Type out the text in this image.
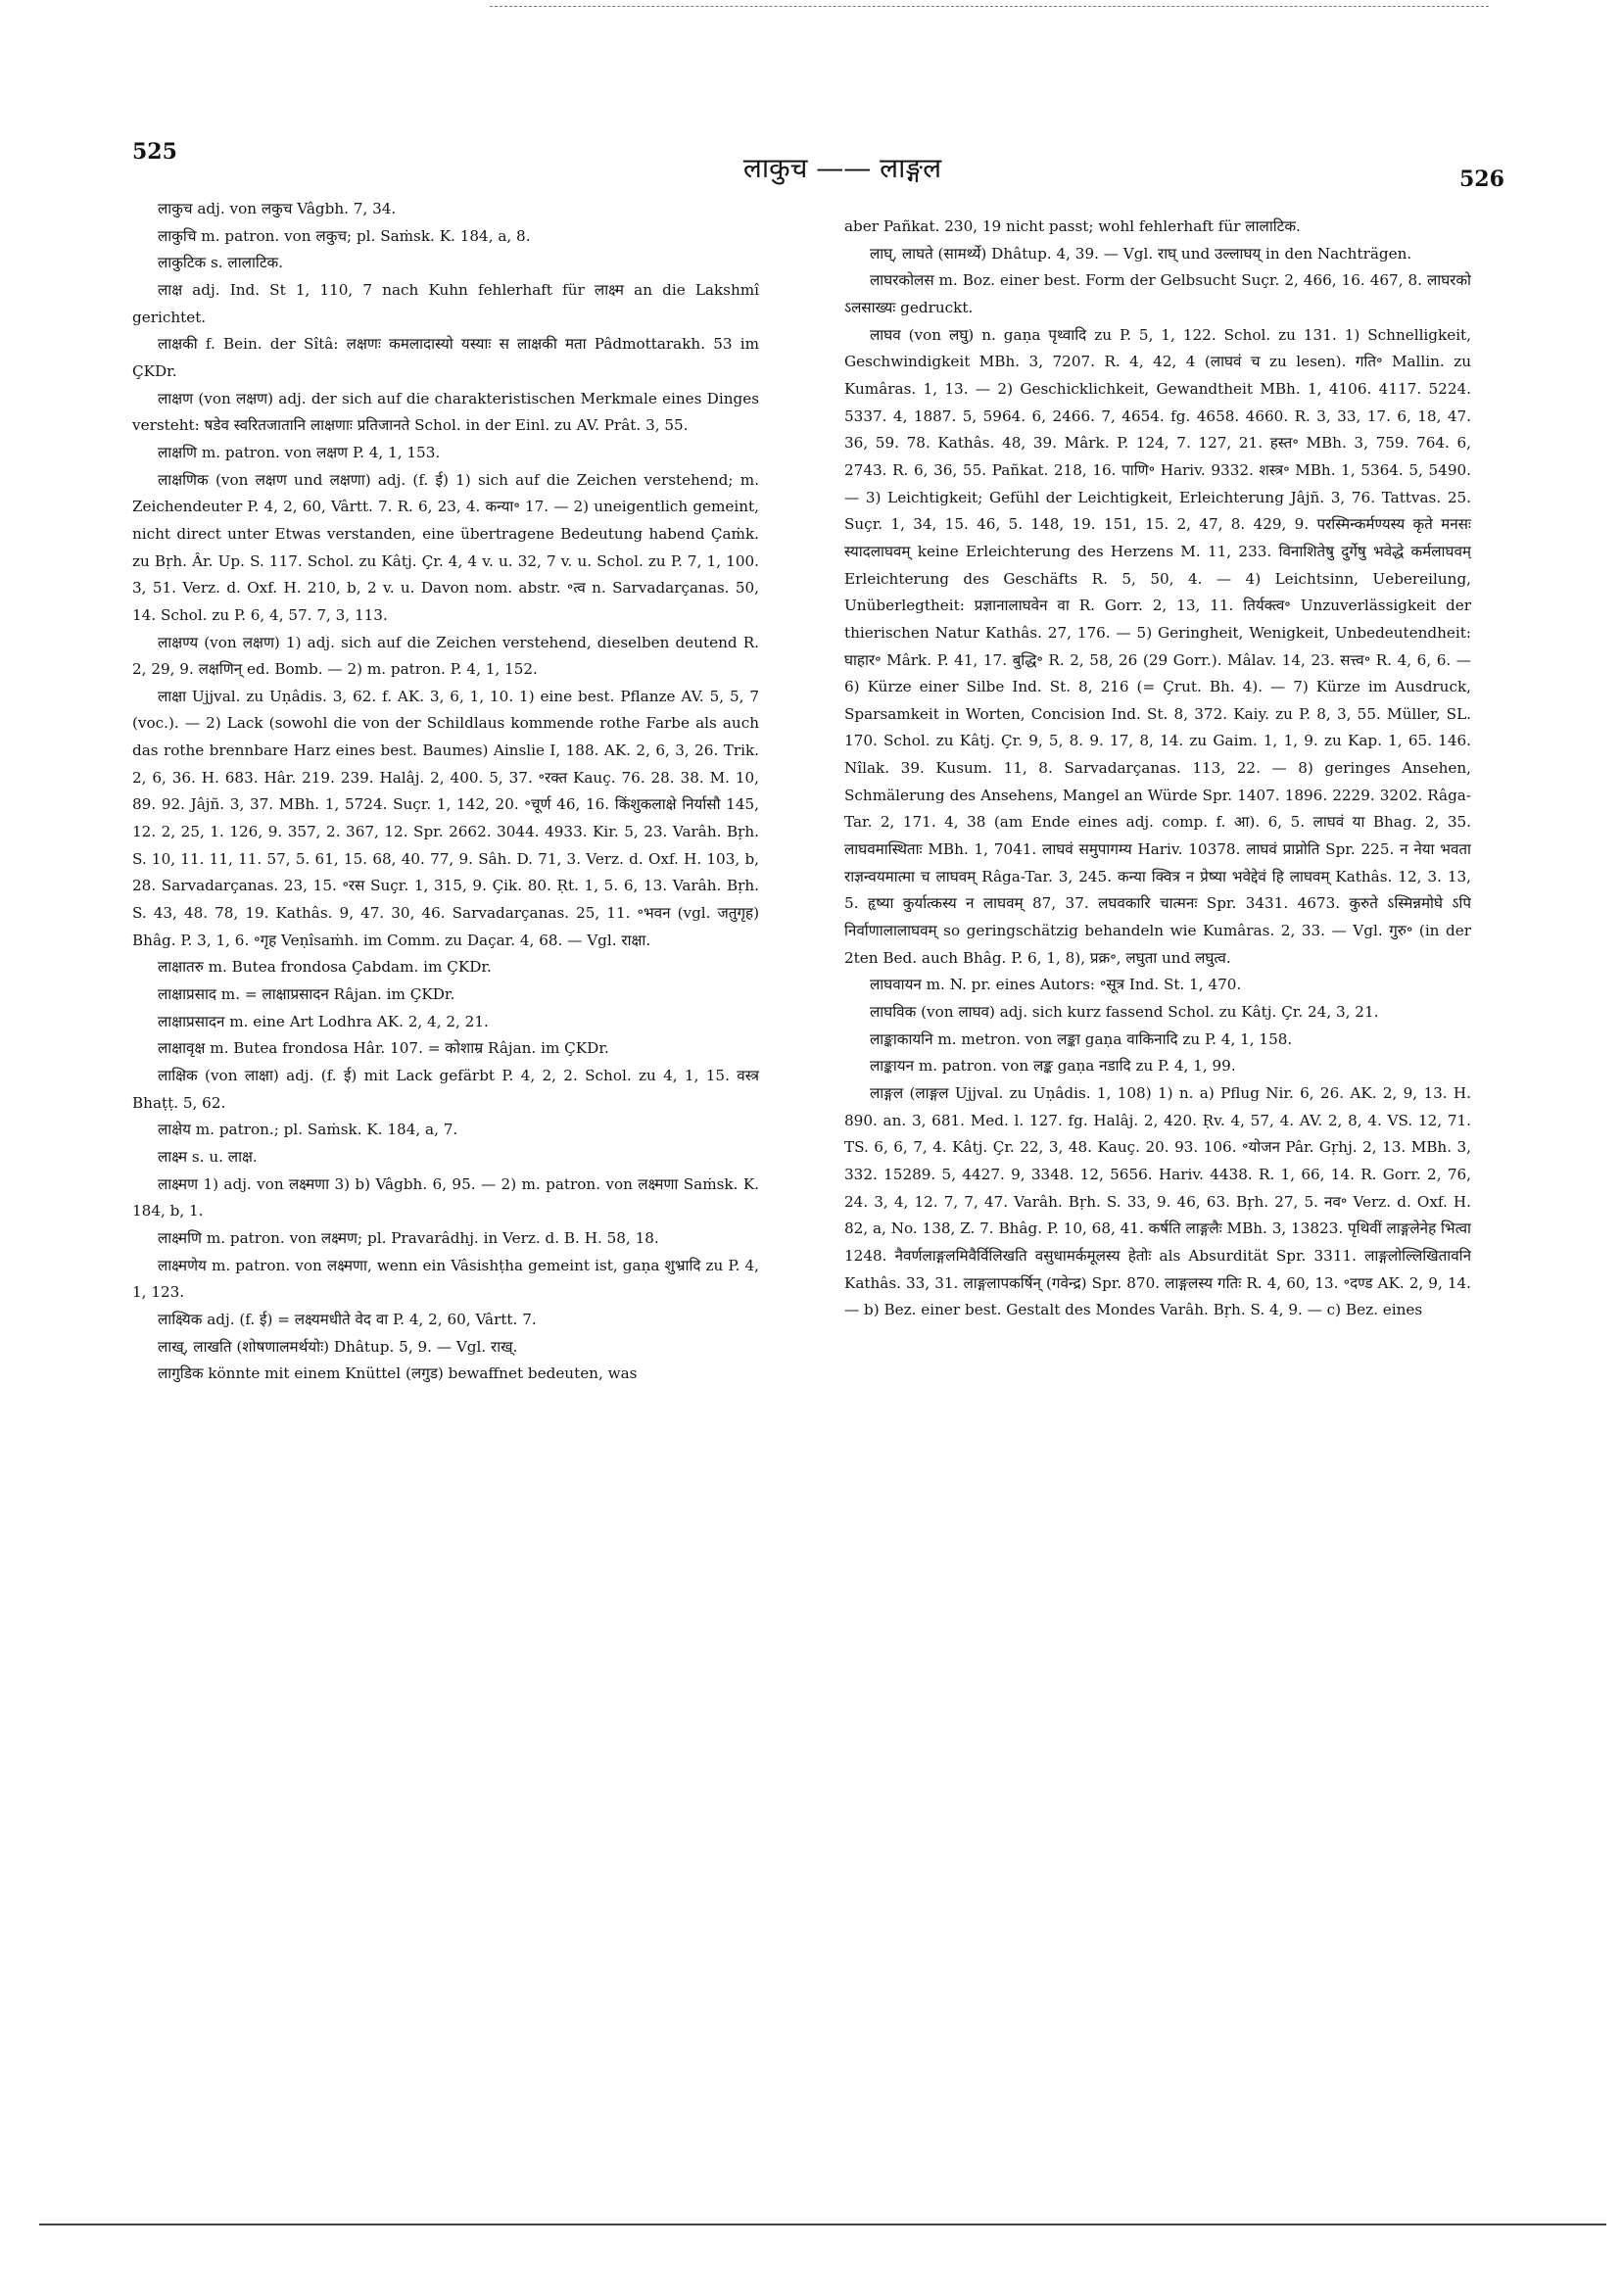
525	लाकुच —— लाङ्गल	526

लाकुच adj. von लकुच Vâgbh. 7, 34.

लाकुचि m. patron. von लकुच; pl. Saṁsk. K. 184, a, 8.

लाकुटिक s. लालाटिक.

लाक्ष adj. Ind. St 1, 110, 7 nach Kuhn fehlerhaft für लाक्ष्म an die Lakshmî gerichtet.

लाक्षकी f. Bein. der Sîtâ: लक्षणः कमलादास्यो यस्याः स लाक्षकी मता Pâdmottarakh. 53 im ÇKDr.

लाक्षण (von लक्षण) adj. der sich auf die charakteristischen Merkmale eines Dinges versteht: षडेव स्वरितजातानि लाक्षणाः प्रतिजानते Schol. in der Einl. zu AV. Prât. 3, 55.

लाक्षणि m. patron. von लक्षण P. 4, 1, 153.

लाक्षणिक (von लक्षण und लक्षणा) adj. (f. ई) 1) sich auf die Zeichen verstehend; m. Zeichendeuter P. 4, 2, 60, Vârtt. 7. R. 6, 23, 4. कन्या॰ 17. — 2) uneigentlich gemeint, nicht direct unter Etwas verstanden, eine übertragene Bedeutung habend Çaṁk. zu Bṛh. Âr. Up. S. 117. Schol. zu Kâtj. Çr. 4, 4 v. u. 32, 7 v. u. Schol. zu P. 7, 1, 100. 3, 51. Verz. d. Oxf. H. 210, b, 2 v. u. Davon nom. abstr. ॰त्व n. Sarvadarçanas. 50, 14. Schol. zu P. 6, 4, 57. 7, 3, 113.

लाक्षण्य (von लक्षण) 1) adj. sich auf die Zeichen verstehend, dieselben deutend R. 2, 29, 9. लक्षणिन् ed. Bomb. — 2) m. patron. P. 4, 1, 152.

लाक्षा Ujjval. zu Uṇâdis. 3, 62. f. AK. 3, 6, 1, 10. 1) eine best. Pflanze AV. 5, 5, 7 (voc.). — 2) Lack (sowohl die von der Schildlaus kommende rothe Farbe als auch das rothe brennbare Harz eines best. Baumes) Ainslie I, 188. AK. 2, 6, 3, 26. Trik. 2, 6, 36. H. 683. Hâr. 219. 239. Halâj. 2, 400. 5, 37. ॰रक्त Kauç. 76. 28. 38. M. 10, 89. 92. Jâjñ. 3, 37. MBh. 1, 5724. Suçr. 1, 142, 20. ॰चूर्ण 46, 16. किंशुकलाक्षे निर्यासौ 145, 12. 2, 25, 1. 126, 9. 357, 2. 367, 12. Spr. 2662. 3044. 4933. Kir. 5, 23. Varâh. Bṛh. S. 10, 11. 11, 11. 57, 5. 61, 15. 68, 40. 77, 9. Sâh. D. 71, 3. Verz. d. Oxf. H. 103, b, 28. Sarvadarçanas. 23, 15. ॰रस Suçr. 1, 315, 9. Çik. 80. Ṛt. 1, 5. 6, 13. Varâh. Bṛh. S. 43, 48. 78, 19. Kathâs. 9, 47. 30, 46. Sarvadarçanas. 25, 11. ॰भवन (vgl. जतुगृह) Bhâg. P. 3, 1, 6. ॰गृह Veṇîsaṁh. im Comm. zu Daçar. 4, 68. — Vgl. राक्षा.

लाक्षातरु m. Butea frondosa Çabdam. im ÇKDr.

लाक्षाप्रसाद m. = लाक्षाप्रसादन Râjan. im ÇKDr.

लाक्षाप्रसादन m. eine Art Lodhra AK. 2, 4, 2, 21.

लाक्षावृक्ष m. Butea frondosa Hâr. 107. = कोशाम्र Râjan. im ÇKDr.

लाक्षिक (von लाक्षा) adj. (f. ई) mit Lack gefärbt P. 4, 2, 2. Schol. zu 4, 1, 15. वस्त्र Bhaṭṭ. 5, 62.

लाक्षेय m. patron.; pl. Saṁsk. K. 184, a, 7.

लाक्ष्म s. u. लाक्ष.

लाक्ष्मण 1) adj. von लक्ष्मणा 3) b) Vâgbh. 6, 95. — 2) m. patron. von लक्ष्मणा Saṁsk. K. 184, b, 1.

लाक्ष्मणि m. patron. von लक्ष्मण; pl. Pravarâdhj. in Verz. d. B. H. 58, 18.

लाक्ष्मणेय m. patron. von लक्ष्मणा, wenn ein Vâsishṭha gemeint ist, gaṇa शुभ्रादि zu P. 4, 1, 123.

लाक्ष्यिक adj. (f. ई) = लक्ष्यमधीते वेद वा P. 4, 2, 60, Vârtt. 7.

लाख्, लाखति (शोषणालमर्थयोः) Dhâtup. 5, 9. — Vgl. राख्.

लागुडिक könnte mit einem Knüttel (लगुड) bewaffnet bedeuten, was

aber Pañkat. 230, 19 nicht passt; wohl fehlerhaft für लालाटिक.

लाघ्, लाघते (सामर्थ्ये) Dhâtup. 4, 39. — Vgl. राघ् und उल्लाघय् in den Nachträgen.

लाघरकोलस m. Boz. einer best. Form der Gelbsucht Suçr. 2, 466, 16. 467, 8. लाघरको ऽलसाख्यः gedruckt.

लाघव (von लघु) n. gaṇa पृथ्वादि zu P. 5, 1, 122. Schol. zu 131. 1) Schnelligkeit, Geschwindigkeit MBh. 3, 7207. R. 4, 42, 4 (लाघवं च zu lesen). गति॰ Mallin. zu Kumâras. 1, 13. — 2) Geschicklichkeit, Gewandtheit MBh. 1, 4106. 4117. 5224. 5337. 4, 1887. 5, 5964. 6, 2466. 7, 4654. fg. 4658. 4660. R. 3, 33, 17. 6, 18, 47. 36, 59. 78. Kathâs. 48, 39. Mârk. P. 124, 7. 127, 21. हस्त॰ MBh. 3, 759. 764. 6, 2743. R. 6, 36, 55. Pañkat. 218, 16. पाणि॰ Hariv. 9332. शस्त्र॰ MBh. 1, 5364. 5, 5490. — 3) Leichtigkeit; Gefühl der Leichtigkeit, Erleichterung Jâjñ. 3, 76. Tattvas. 25. Suçr. 1, 34, 15. 46, 5. 148, 19. 151, 15. 2, 47, 8. 429, 9. परस्मिन्कर्मण्यस्य कृते मनसः स्यादलाघवम् keine Erleichterung des Herzens M. 11, 233. विनाशितेषु दुर्गेषु भवेद्धे कर्मलाघवम् Erleichterung des Geschäfts R. 5, 50, 4. — 4) Leichtsinn, Uebereilung, Unüberlegtheit: प्रज्ञानालाघवेन वा R. Gorr. 2, 13, 11. तिर्यक्त्व॰ Unzuverlässigkeit der thierischen Natur Kathâs. 27, 176. — 5) Geringheit, Wenigkeit, Unbedeutendheit: घाहार॰ Mârk. P. 41, 17. बुद्धि॰ R. 2, 58, 26 (29 Gorr.). Mâlav. 14, 23. सत्त्व॰ R. 4, 6, 6. — 6) Kürze einer Silbe Ind. St. 8, 216 (= Çrut. Bh. 4). — 7) Kürze im Ausdruck, Sparsamkeit in Worten, Concision Ind. St. 8, 372. Kaiy. zu P. 8, 3, 55. Müller, SL. 170. Schol. zu Kâtj. Çr. 9, 5, 8. 9. 17, 8, 14. zu Gaim. 1, 1, 9. zu Kap. 1, 65. 146. Nîlak. 39. Kusum. 11, 8. Sarvadarçanas. 113, 22. — 8) geringes Ansehen, Schmälerung des Ansehens, Mangel an Würde Spr. 1407. 1896. 2229. 3202. Râga-Tar. 2, 171. 4, 38 (am Ende eines adj. comp. f. आ). 6, 5. लाघवं या Bhag. 2, 35. लाघवमास्थिताः MBh. 1, 7041. लाघवं समुपागम्य Hariv. 10378. लाघवं प्राप्नोति Spr. 225. न नेया भवता राज्ञन्वयमात्मा च लाघवम् Râga-Tar. 3, 245. कन्या क्वित्र न प्रेष्या भवेद्देवं हि लाघवम् Kathâs. 12, 3. 13, 5. हृष्या कुर्यात्कस्य न लाघवम् 87, 37. लघवकारि चात्मनः Spr. 3431. 4673. कुरुते ऽस्मिन्नमोघे ऽपि निर्वाणालालाघवम् so geringschätzig behandeln wie Kumâras. 2, 33. — Vgl. गुरु॰ (in der 2ten Bed. auch Bhâg. P. 6, 1, 8), प्रक्र॰, लघुता und लघुत्व.

लाघवायन m. N. pr. eines Autors: ॰सूत्र Ind. St. 1, 470.

लाघविक (von लाघव) adj. sich kurz fassend Schol. zu Kâtj. Çr. 24, 3, 21.

लाङ्काकायनि m. metron. von लङ्का gaṇa वाकिनादि zu P. 4, 1, 158.

लाङ्कायन m. patron. von लङ्क gaṇa नडादि zu P. 4, 1, 99.

लाङ्गल (लाङ्गल Ujjval. zu Uṇâdis. 1, 108) 1) n. a) Pflug Nir. 6, 26. AK. 2, 9, 13. H. 890. an. 3, 681. Med. l. 127. fg. Halâj. 2, 420. Ṛv. 4, 57, 4. AV. 2, 8, 4. VS. 12, 71. TS. 6, 6, 7, 4. Kâtj. Çr. 22, 3, 48. Kauç. 20. 93. 106. ॰योजन Pâr. Gṛhj. 2, 13. MBh. 3, 332. 15289. 5, 4427. 9, 3348. 12, 5656. Hariv. 4438. R. 1, 66, 14. R. Gorr. 2, 76, 24. 3, 4, 12. 7, 7, 47. Varâh. Bṛh. S. 33, 9. 46, 63. Bṛh. 27, 5. नव॰ Verz. d. Oxf. H. 82, a, No. 138, Z. 7. Bhâg. P. 10, 68, 41. कर्षति लाङ्गलैः MBh. 3, 13823. पृथिवीं लाङ्गलेनेह भित्वा 1248. नैवर्णलाङ्गलमिवैर्विलिखति वसुधामर्कमूलस्य हेतोः als Absurdität Spr. 3311. लाङ्गलोल्लिखितावनि Kathâs. 33, 31. लाङ्गलापकर्षिन् (गवेन्द्र) Spr. 870. लाङ्गलस्य गतिः R. 4, 60, 13. ॰दण्ड AK. 2, 9, 14. — b) Bez. einer best. Gestalt des Mondes Varâh. Bṛh. S. 4, 9. — c) Bez. eines
